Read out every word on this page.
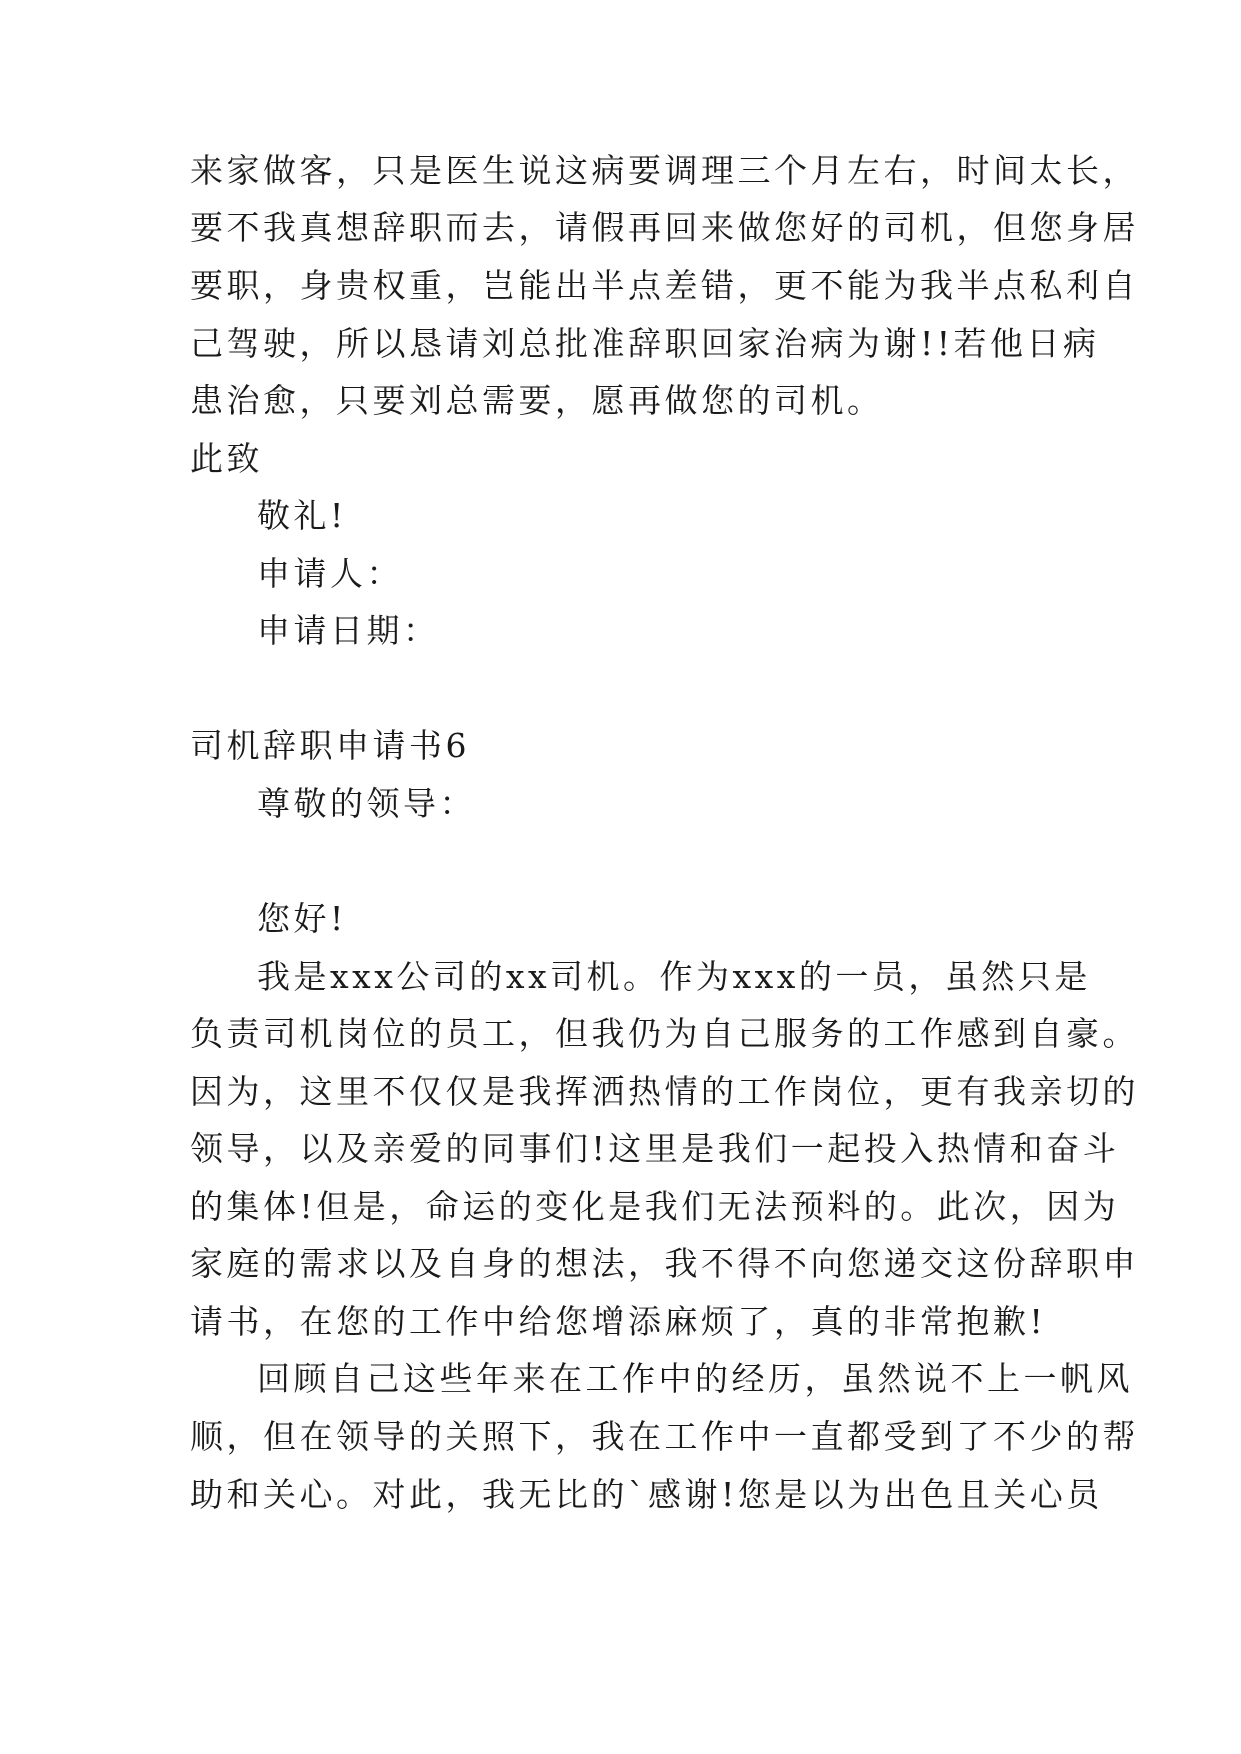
来家做客，只是医生说这病要调理三个月左右，时间太长，

要不我真想辞职而去，请假再回来做您好的司机，但您身居

要职，身贵权重，岂能出半点差错，更不能为我半点私利自

己驾驶，所以恳请刘总批准辞职回家治病为谢!!若他日病

患治愈，只要刘总需要，愿再做您的司机。

此致

敬礼!

申请人：

申请日期：

司机辞职申请书6

尊敬的领导：

您好!

我是xxx公司的xx司机。作为xxx的一员，虽然只是

负责司机岗位的员工，但我仍为自己服务的工作感到自豪。

因为，这里不仅仅是我挥洒热情的工作岗位，更有我亲切的

领导，以及亲爱的同事们!这里是我们一起投入热情和奋斗

的集体!但是，命运的变化是我们无法预料的。此次，因为

家庭的需求以及自身的想法，我不得不向您递交这份辞职申

请书，在您的工作中给您增添麻烦了，真的非常抱歉!

回顾自己这些年来在工作中的经历，虽然说不上一帆风

顺，但在领导的关照下，我在工作中一直都受到了不少的帮

助和关心。对此，我无比的`感谢!您是以为出色且关心员
